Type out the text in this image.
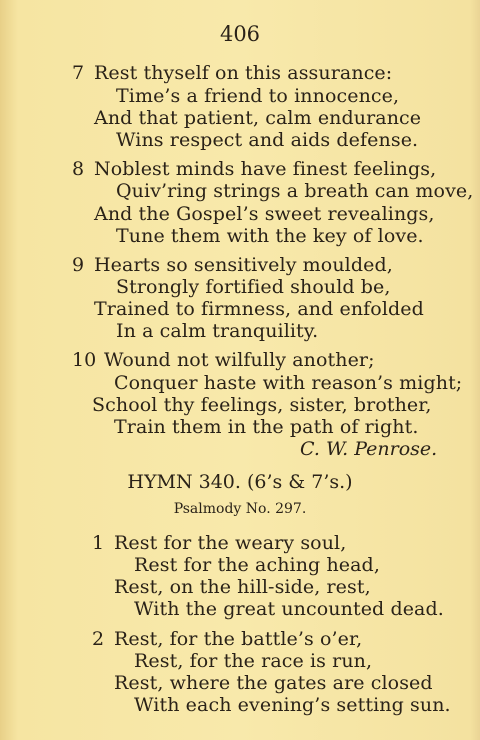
406
7 Rest thyself on this assurance:
Time’s a friend to innocence,
And that patient, calm endurance
Wins respect and aids defense.
8 Noblest minds have finest feelings,
Quiv’ring strings a breath can move,
And the Gospel’s sweet revealings,
Tune them with the key of love.
9 Hearts so sensitively moulded,
Strongly fortified should be,
Trained to firmness, and enfolded
In a calm tranquility.
10 Wound not wilfully another;
Conquer haste with reason’s might;
School thy feelings, sister, brother,
Train them in the path of right.
C. W. Penrose.
HYMN 340. (6’s & 7’s.)
Psalmody No. 297.
1 Rest for the weary soul,
Rest for the aching head,
Rest, on the hill-side, rest,
With the great uncounted dead.
2 Rest, for the battle’s o’er,
Rest, for the race is run,
Rest, where the gates are closed
With each evening’s setting sun.
